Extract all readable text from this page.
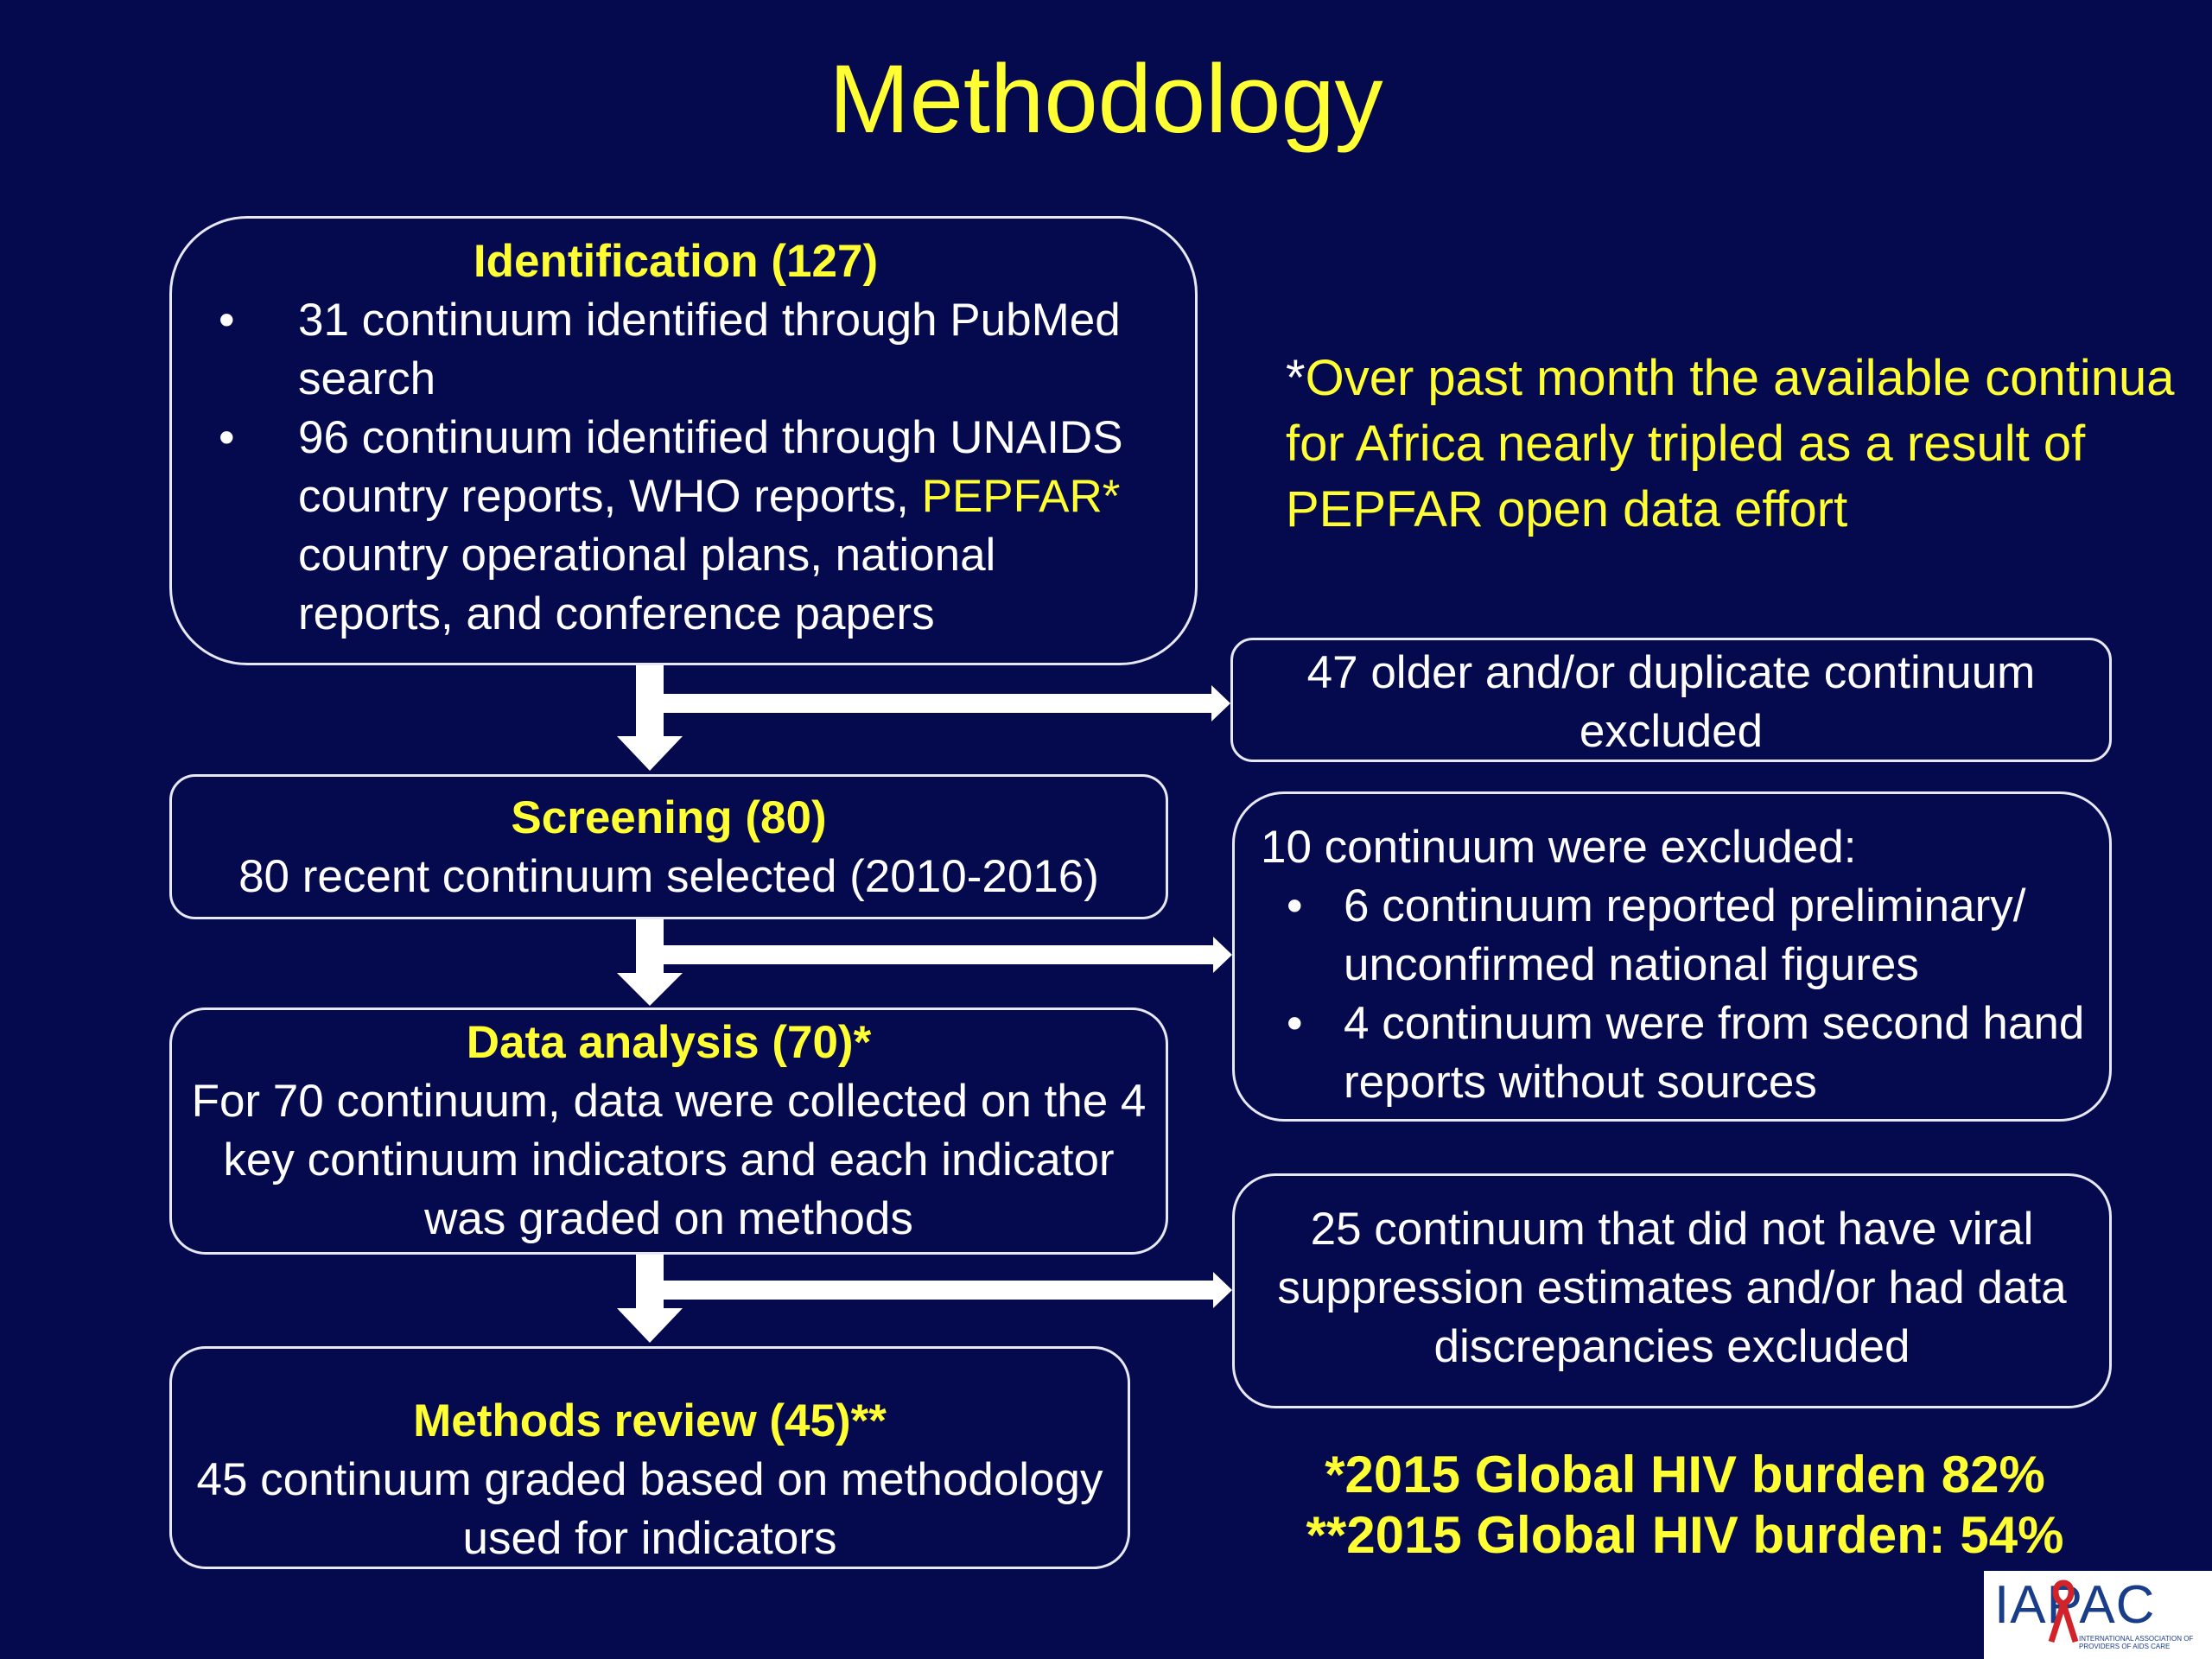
Methodology
Identification (127)
• 31 continuum identified through PubMed search
• 96 continuum identified through UNAIDS country reports, WHO reports, PEPFAR* country operational plans, national reports, and conference papers
47 older and/or duplicate continuum excluded
Screening (80)
80 recent continuum selected (2010-2016)
10 continuum were excluded:
• 6 continuum reported preliminary/ unconfirmed national figures
• 4 continuum were from second hand reports without sources
Data analysis (70)*
For 70 continuum, data were collected on the 4 key continuum indicators and each indicator was graded on methods	25 continuum that did not have viral suppression estimates and/or had data discrepancies excluded
Methods review (45)**
45 continuum graded based on methodology used for indicators
*Over past month the available continua for Africa nearly tripled as a result of PEPFAR open data effort
*2015 Global HIV burden 82%
**2015 Global HIV burden: 54%
IAPAC
INTERNATIONAL ASSOCIATION OF PROVIDERS OF AIDS CARE
